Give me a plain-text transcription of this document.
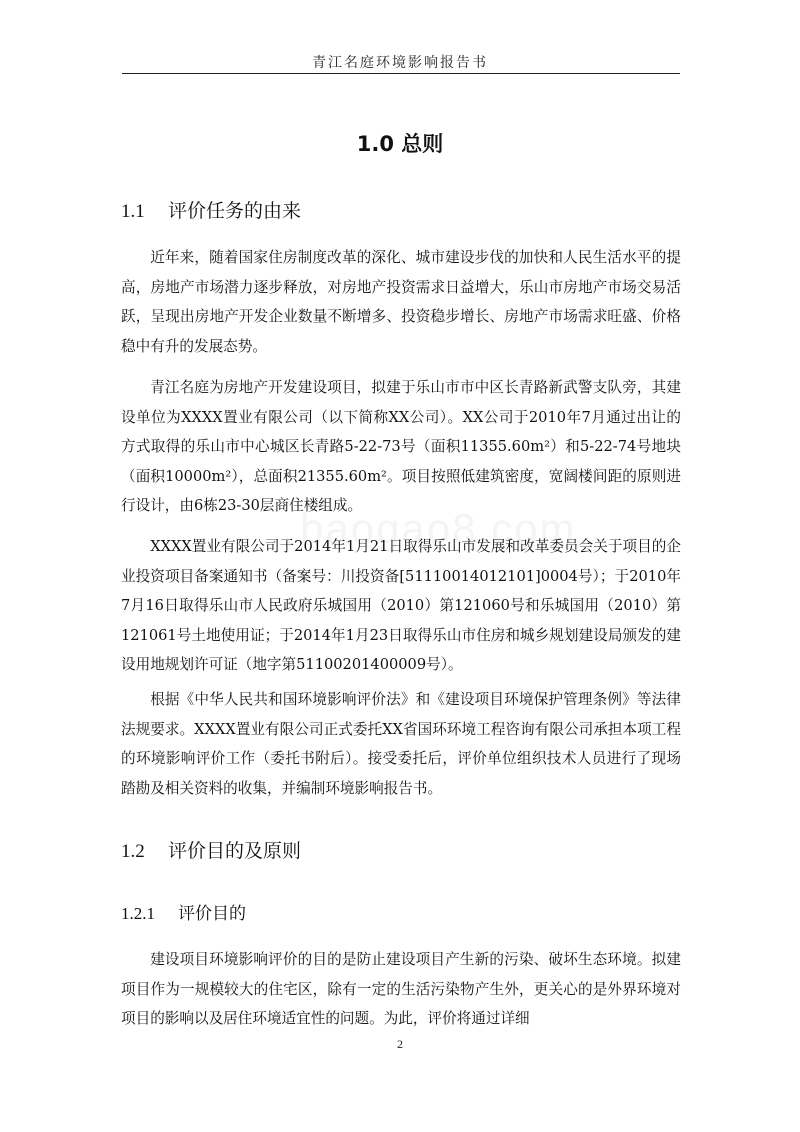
青江名庭环境影响报告书
1.0 总则
1.1 评价任务的由来

近年来，随着国家住房制度改革的深化、城市建设步伐的加快和人民生活水平的提高，房地产市场潜力逐步释放，对房地产投资需求日益增大，乐山市房地产市场交易活跃，呈现出房地产开发企业数量不断增多、投资稳步增长、房地产市场需求旺盛、价格稳中有升的发展态势。

青江名庭为房地产开发建设项目，拟建于乐山市市中区长青路新武警支队旁，其建设单位为XXXX置业有限公司（以下简称XX公司）。XX公司于2010年7月通过出让的方式取得的乐山市中心城区长青路5-22-73号（面积11355.60m²）和5-22-74号地块（面积10000m²），总面积21355.60m²。项目按照低建筑密度，宽阔楼间距的原则进行设计，由6栋23-30层商住楼组成。

XXXX置业有限公司于2014年1月21日取得乐山市发展和改革委员会关于项目的企业投资项目备案通知书（备案号：川投资备[51110014012101]0004号）；于2010年7月16日取得乐山市人民政府乐城国用（2010）第121060号和乐城国用（2010）第121061号土地使用证；于2014年1月23日取得乐山市住房和城乡规划建设局颁发的建设用地规划许可证（地字第51100201400009号）。

根据《中华人民共和国环境影响评价法》和《建设项目环境保护管理条例》等法律法规要求。XXXX置业有限公司正式委托XX省国环环境工程咨询有限公司承担本项工程的环境影响评价工作（委托书附后）。接受委托后，评价单位组织技术人员进行了现场踏勘及相关资料的收集，并编制环境影响报告书。

1.2 评价目的及原则
1.2.1 评价目的

建设项目环境影响评价的目的是防止建设项目产生新的污染、破坏生态环境。拟建项目作为一规模较大的住宅区，除有一定的生活污染物产生外，更关心的是外界环境对项目的影响以及居住环境适宜性的问题。为此，评价将通过详细

2
